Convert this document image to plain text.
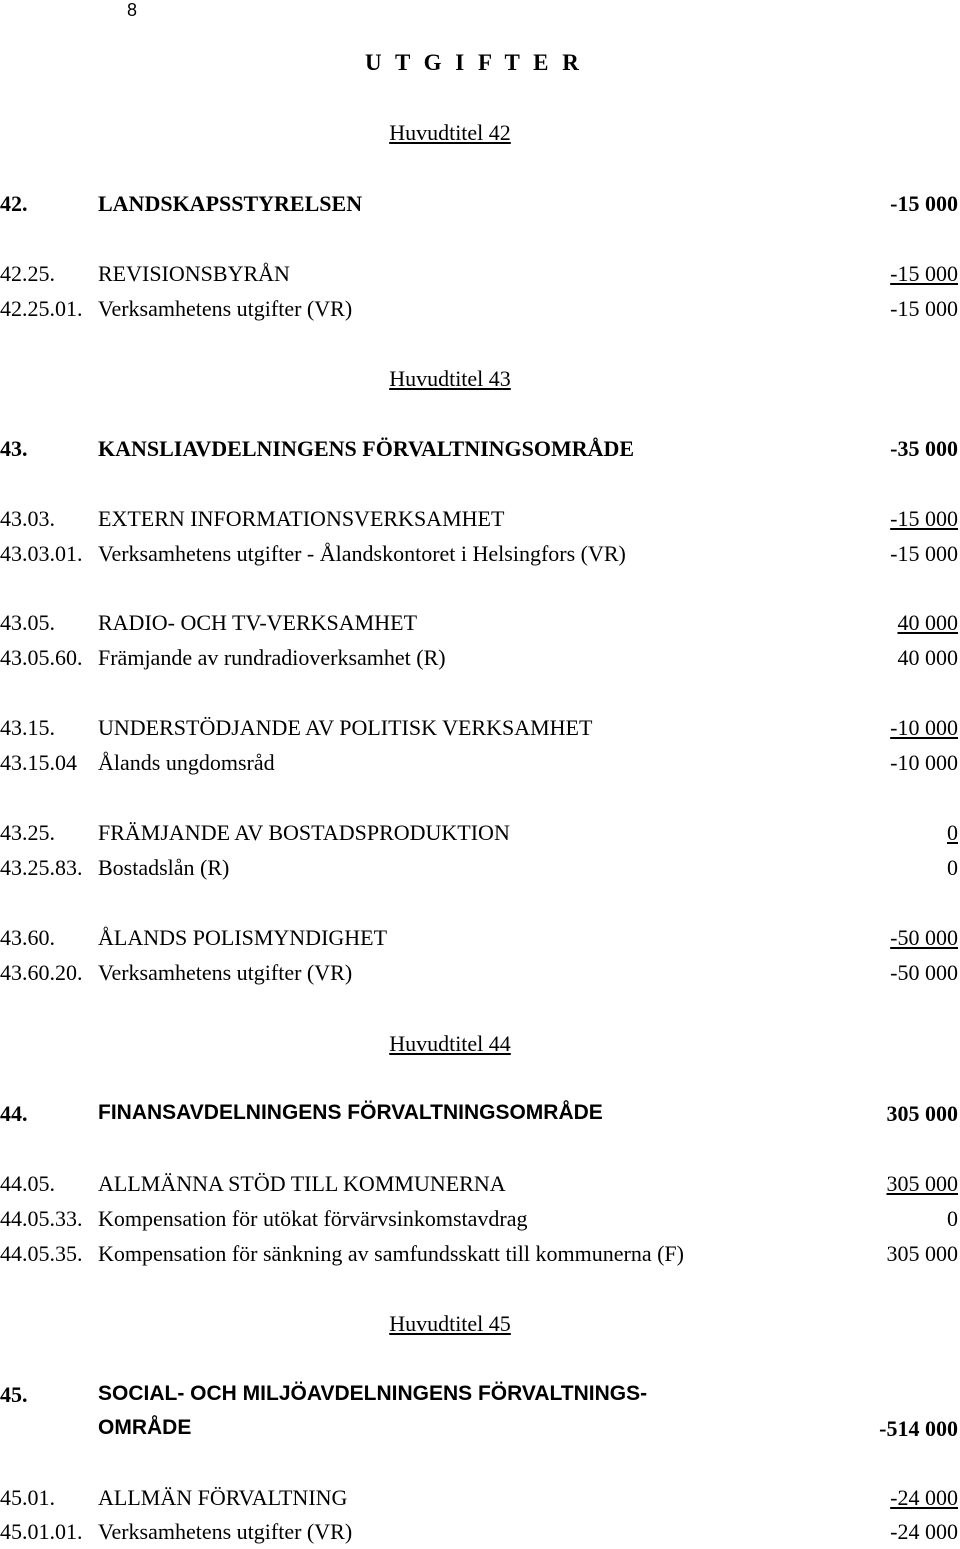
8
U T G I F T E R
Huvudtitel 42
42.	LANDSKAPSSTYRELSEN	-15 000
42.25. REVISIONSBYRÅN	-15 000
42.25.01. Verksamhetens utgifter (VR)	-15 000
Huvudtitel 43
43.	KANSLIAVDELNINGENS FÖRVALTNINGSOMRÅDE	-35 000
43.03. EXTERN INFORMATIONSVERKSAMHET	-15 000
43.03.01. Verksamhetens utgifter - Ålandskontoret i Helsingfors (VR)	-15 000
43.05. RADIO- OCH TV-VERKSAMHET	40 000
43.05.60. Främjande av rundradioverksamhet (R)	40 000
43.15. UNDERSTÖDJANDE AV POLITISK VERKSAMHET	-10 000
43.15.04 Ålands ungdomsråd	-10 000
43.25. FRÄMJANDE AV BOSTADSPRODUKTION	0
43.25.83. Bostadslån (R)	0
43.60. ÅLANDS POLISMYNDIGHET	-50 000
43.60.20. Verksamhetens utgifter (VR)	-50 000
Huvudtitel 44
44.	FINANSAVDELNINGENS FÖRVALTNINGSOMRÅDE	305 000
44.05. ALLMÄNNA STÖD TILL KOMMUNERNA	305 000
44.05.33. Kompensation för utökat förvärvsinkomstavdrag	0
44.05.35. Kompensation för sänkning av samfundsskatt till kommunerna (F)	305 000
Huvudtitel 45
45.	SOCIAL- OCH MILJÖAVDELNINGENS FÖRVALTNINGS-
OMRÅDE	-514 000
45.01. ALLMÄN FÖRVALTNING	-24 000
45.01.01. Verksamhetens utgifter (VR)	-24 000
